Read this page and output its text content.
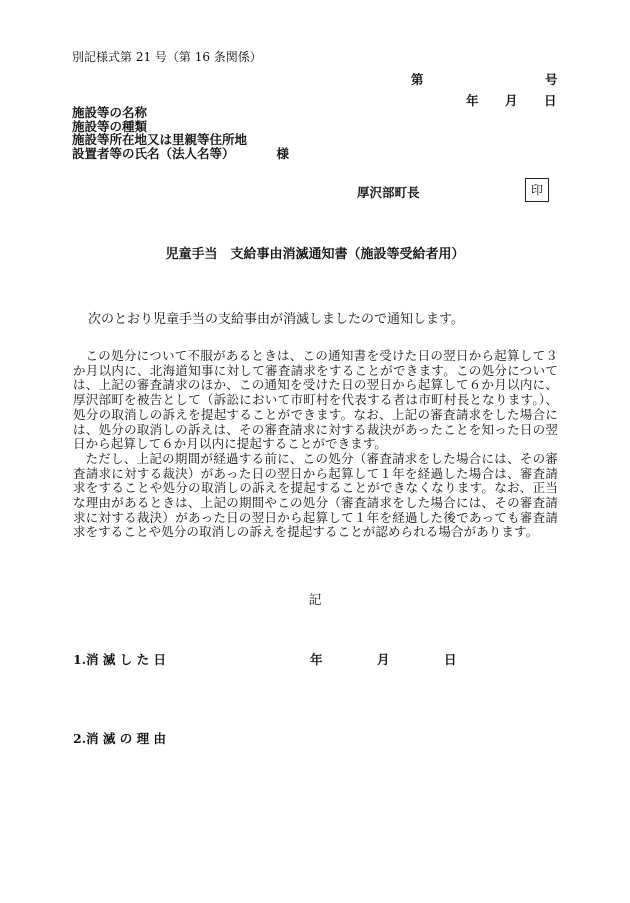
別記様式第 21 号（第 16 条関係）
第	号
年 月 日
施設等の名称
施設等の種類
施設等所在地又は里親等住所地
設置者等の氏名（法人名等）	様
厚沢部町長	印
児童手当　支給事由消滅通知書（施設等受給者用）
次のとおり児童手当の支給事由が消滅しましたので通知します。

この処分について不服があるときは、この通知書を受けた日の翌日から起算して３か月以内に、北海道知事に対して審査請求をすることができます。この処分については、上記の審査請求のほか、この通知を受けた日の翌日から起算して６か月以内に、厚沢部町を被告として（訴訟において市町村を代表する者は市町村長となります。）、処分の取消しの訴えを提起することができます。なお、上記の審査請求をした場合には、処分の取消しの訴えは、その審査請求に対する裁決があったことを知った日の翌日から起算して６か月以内に提起することができます。

ただし、上記の期間が経過する前に、この処分（審査請求をした場合には、その審査請求に対する裁決）があった日の翌日から起算して１年を経過した場合は、審査請求をすることや処分の取消しの訴えを提起することができなくなります。なお、正当な理由があるときは、上記の期間やこの処分（審査請求をした場合には、その審査請求に対する裁決）があった日の翌日から起算して１年を経過した後であっても審査請求をすることや処分の取消しの訴えを提起することが認められる場合があります。

記
1.消 滅 し た 日	年	月	日
2.消 滅 の 理 由
